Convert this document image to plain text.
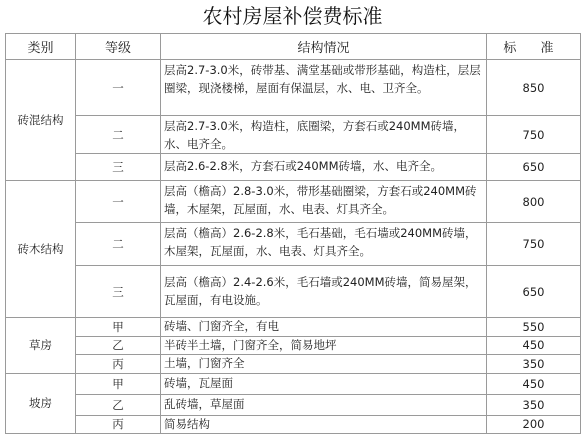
农村房屋补偿费标准
类别	等级	结构情况	标 准
砖混结构	一	层高2.7-3.0米，砖带基、满堂基础或带形基础，构造柱，层层圈梁，现浇楼梯，屋面有保温层，水、电、卫齐全。	850
	二	层高2.7-3.0米，构造柱，底圈梁，方套石或240MM砖墙，水、电齐全。	750
	三	层高2.6-2.8米，方套石或240MM砖墙，水、电齐全。	650
砖木结构	一	层高（檐高）2.8-3.0米，带形基础圈梁，方套石或240MM砖墙，木屋架，瓦屋面，水、电表、灯具齐全。	800
	二	层高（檐高）2.6-2.8米，毛石基础，毛石墙或240MM砖墙，木屋架，瓦屋面，水、电表、灯具齐全。	750
	三	层高（檐高）2.4-2.6米，毛石墙或240MM砖墙，简易屋架，瓦屋面，有电设施。	650
草房	甲	砖墙、门窗齐全，有电	550
	乙	半砖半土墙，门窗齐全，简易地坪	450
	丙	土墙，门窗齐全	350
坡房	甲	砖墙，瓦屋面	450
	乙	乱砖墙，草屋面	350
	丙	简易结构	200
